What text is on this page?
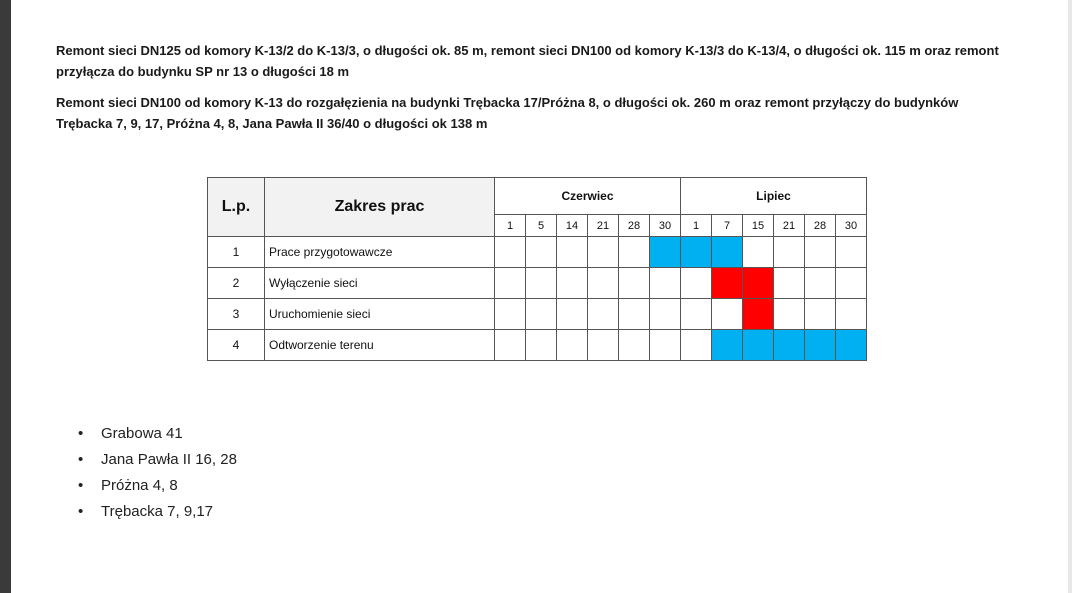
Remont sieci DN125 od komory K-13/2 do K-13/3, o długości ok. 85 m, remont sieci DN100 od komory K-13/3 do K-13/4, o długości ok. 115 m oraz remont przyłącza do budynku SP nr 13 o długości 18 m
Remont sieci DN100 od komory K-13 do rozgałęzienia na budynki Trębacka 17/Próżna 8, o długości ok. 260 m oraz remont przyłączy do budynków Trębacka 7, 9, 17, Próżna 4, 8, Jana Pawła II 36/40 o długości ok 138 m
L.p.	Zakres prac	Czerwiec						Lipiec					
		1	5	14	21	28	30	1	7	15	21	28	30
1	Prace przygotowawcze												
2	Wyłączenie sieci												
3	Uruchomienie sieci												
4	Odtworzenie terenu												
•	Grabowa 41
•	Jana Pawła II 16, 28
•	Próżna 4, 8
•	Trębacka 7, 9,17
